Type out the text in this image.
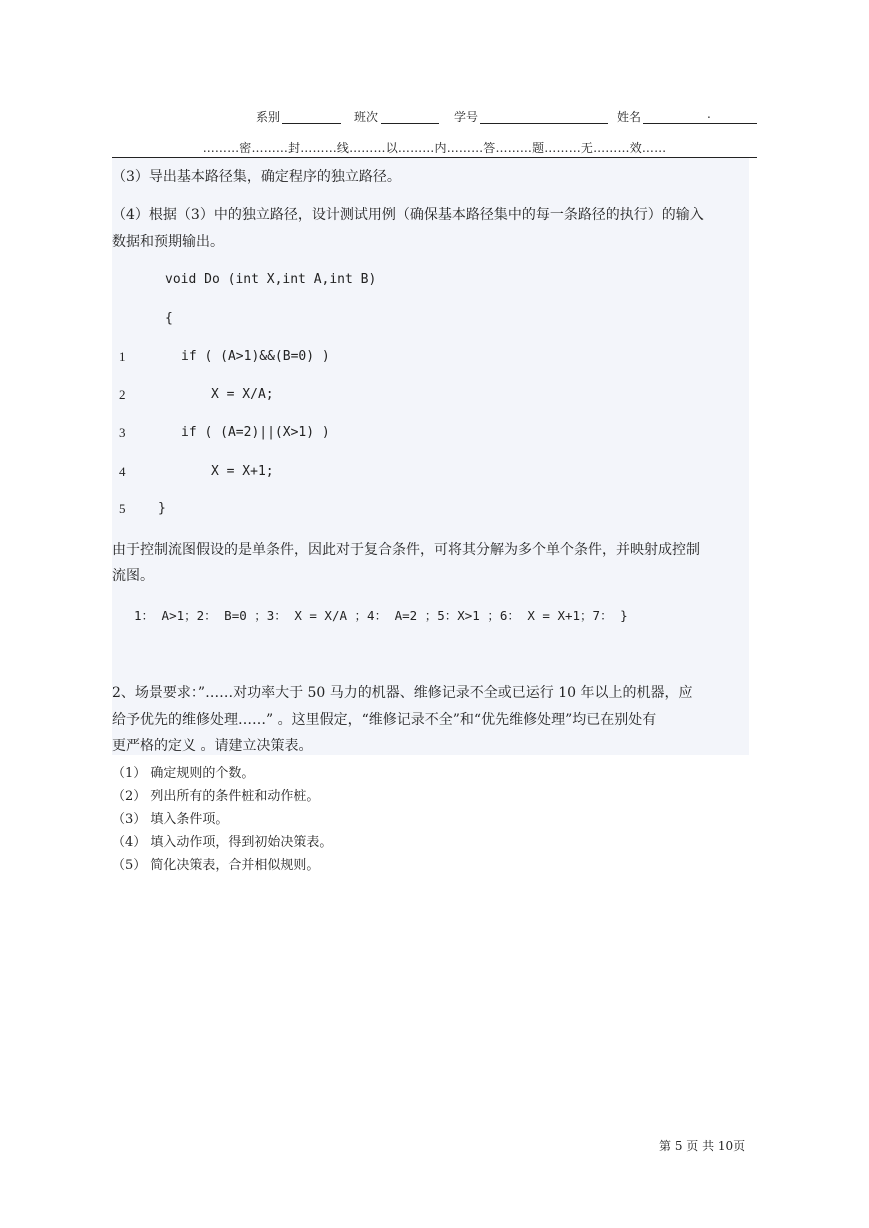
系别	班次	学号	姓名	.
………密………封………线………以………内………答………题………无………效……
（3）导出基本路径集，确定程序的独立路径。
（4）根据（3）中的独立路径，设计测试用例（确保基本路径集中的每一条路径的执行）的输入
数据和预期输出。
void Do (int X,int A,int B)
{
1	if ( (A>1)&&(B=0) )
2	X = X/A;
3	if ( (A=2)||(X>1) )
4	X = X+1;
5	}
由于控制流图假设的是单条件，因此对于复合条件，可将其分解为多个单个条件，并映射成控制
流图。
1： A>1；2： B=0 ；3： X = X/A ；4： A=2 ；5：X>1 ；6： X = X+1；7： }
2、场景要求：”……对功率大于 50 马力的机器、维修记录不全或已运行 10 年以上的机器，应
给予优先的维修处理……” 。这里假定，“维修记录不全”和“优先维修处理”均已在别处有
更严格的定义 。请建立决策表。
（1） 确定规则的个数。
（2） 列出所有的条件桩和动作桩。
（3） 填入条件项。
（4） 填入动作项，得到初始决策表。
（5） 简化决策表，合并相似规则。
第 5 页 共 10页
